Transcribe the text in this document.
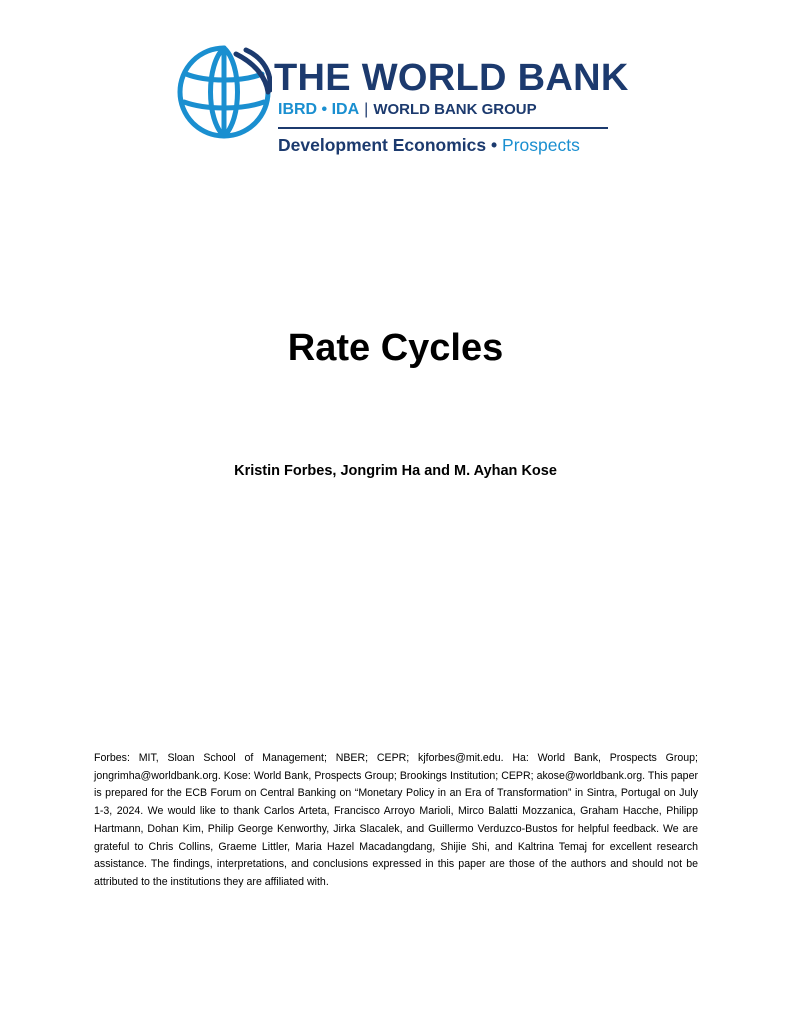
THE WORLD BANK
IBRD • IDA | WORLD BANK GROUP
Development Economics • Prospects
Rate Cycles
Kristin Forbes, Jongrim Ha and M. Ayhan Kose

Forbes: MIT, Sloan School of Management; NBER; CEPR; kjforbes@mit.edu. Ha: World Bank, Prospects Group; jongrimha@worldbank.org. Kose: World Bank, Prospects Group; Brookings Institution; CEPR; akose@worldbank.org. This paper is prepared for the ECB Forum on Central Banking on “Monetary Policy in an Era of Transformation” in Sintra, Portugal on July 1-3, 2024. We would like to thank Carlos Arteta, Francisco Arroyo Marioli, Mirco Balatti Mozzanica, Graham Hacche, Philipp Hartmann, Dohan Kim, Philip George Kenworthy, Jirka Slacalek, and Guillermo Verduzco-Bustos for helpful feedback. We are grateful to Chris Collins, Graeme Littler, Maria Hazel Macadangdang, Shijie Shi, and Kaltrina Temaj for excellent research assistance. The findings, interpretations, and conclusions expressed in this paper are those of the authors and should not be attributed to the institutions they are affiliated with.
